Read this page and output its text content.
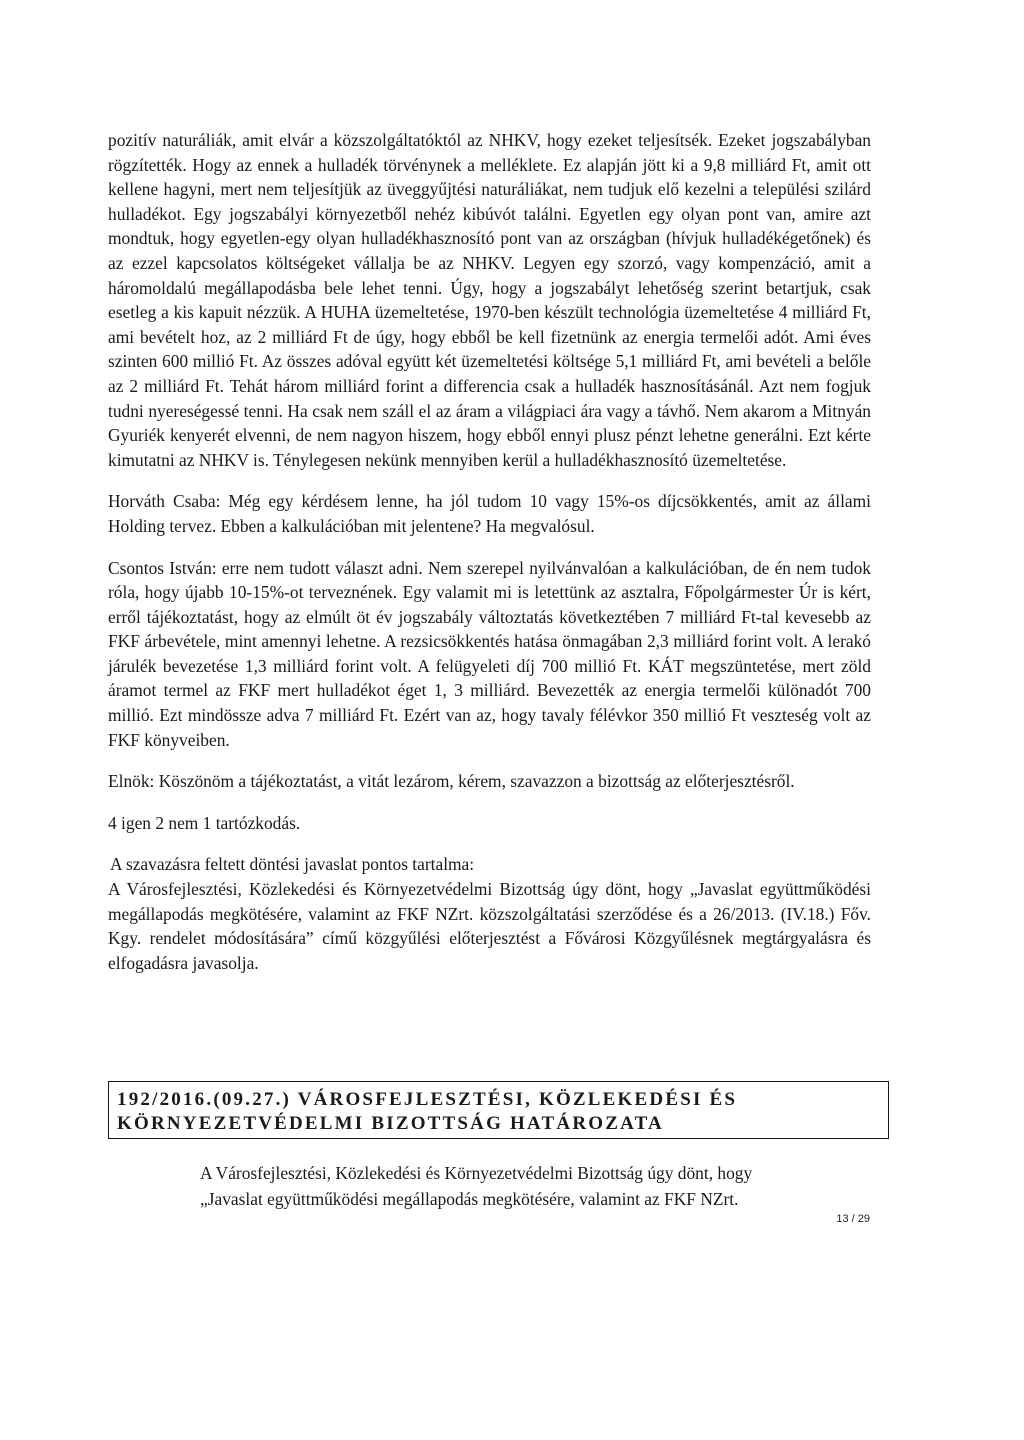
pozitív naturáliák, amit elvár a közszolgáltatóktól az NHKV, hogy ezeket teljesítsék. Ezeket jogszabályban rögzítették. Hogy az ennek a hulladék törvénynek a melléklete. Ez alapján jött ki a 9,8 milliárd Ft, amit ott kellene hagyni, mert nem teljesítjük az üveggyűjtési naturáliákat, nem tudjuk elő kezelni a települési szilárd hulladékot. Egy jogszabályi környezetből nehéz kibúvót találni. Egyetlen egy olyan pont van, amire azt mondtuk, hogy egyetlen-egy olyan hulladékhasznosító pont van az országban (hívjuk hulladékégetőnek) és az ezzel kapcsolatos költségeket vállalja be az NHKV. Legyen egy szorzó, vagy kompenzáció, amit a háromoldalú megállapodásba bele lehet tenni. Úgy, hogy a jogszabályt lehetőség szerint betartjuk, csak esetleg a kis kapuit nézzük. A HUHA üzemeltetése, 1970-ben készült technológia üzemeltetése 4 milliárd Ft, ami bevételt hoz, az 2 milliárd Ft de úgy, hogy ebből be kell fizetnünk az energia termelői adót. Ami éves szinten 600 millió Ft. Az összes adóval együtt két üzemeltetési költsége 5,1 milliárd Ft, ami bevételi a belőle az 2 milliárd Ft. Tehát három milliárd forint a differencia csak a hulladék hasznosításánál. Azt nem fogjuk tudni nyereségessé tenni. Ha csak nem száll el az áram a világpiaci ára vagy a távhő. Nem akarom a Mitnyán Gyuriék kenyerét elvenni, de nem nagyon hiszem, hogy ebből ennyi plusz pénzt lehetne generálni. Ezt kérte kimutatni az NHKV is. Ténylegesen nekünk mennyiben kerül a hulladékhasznosító üzemeltetése.

Horváth Csaba: Még egy kérdésem lenne, ha jól tudom 10 vagy 15%-os díjcsökkentés, amit az állami Holding tervez. Ebben a kalkulációban mit jelentene? Ha megvalósul.

Csontos István: erre nem tudott választ adni. Nem szerepel nyilvánvalóan a kalkulációban, de én nem tudok róla, hogy újabb 10-15%-ot terveznének. Egy valamit mi is letettünk az asztalra, Főpolgármester Úr is kért, erről tájékoztatást, hogy az elmúlt öt év jogszabály változtatás következtében 7 milliárd Ft-tal kevesebb az FKF árbevétele, mint amennyi lehetne. A rezsicsökkentés hatása önmagában 2,3 milliárd forint volt. A lerakó járulék bevezetése 1,3 milliárd forint volt. A felügyeleti díj 700 millió Ft. KÁT megszüntetése, mert zöld áramot termel az FKF mert hulladékot éget 1, 3 milliárd. Bevezették az energia termelői különadót 700 millió. Ezt mindössze adva 7 milliárd Ft. Ezért van az, hogy tavaly félévkor 350 millió Ft veszteség volt az FKF könyveiben.

Elnök: Köszönöm a tájékoztatást, a vitát lezárom, kérem, szavazzon a bizottság az előterjesztésről.

4 igen 2 nem 1 tartózkodás.

A szavazásra feltett döntési javaslat pontos tartalma:

A Városfejlesztési, Közlekedési és Környezetvédelmi Bizottság úgy dönt, hogy „Javaslat együttműködési megállapodás megkötésére, valamint az FKF NZrt. közszolgáltatási szerződése és a 26/2013. (IV.18.) Főv. Kgy. rendelet módosítására” című közgyűlési előterjesztést a Fővárosi Közgyűlésnek megtárgyalásra és elfogadásra javasolja.

192/2016.(09.27.) VÁROSFEJLESZTÉSI, KÖZLEKEDÉSI ÉS
KÖRNYEZETVÉDELMI BIZOTTSÁG HATÁROZATA

A Városfejlesztési, Közlekedési és Környezetvédelmi Bizottság úgy dönt, hogy
„Javaslat együttműködési megállapodás megkötésére, valamint az FKF NZrt.

13 / 29
